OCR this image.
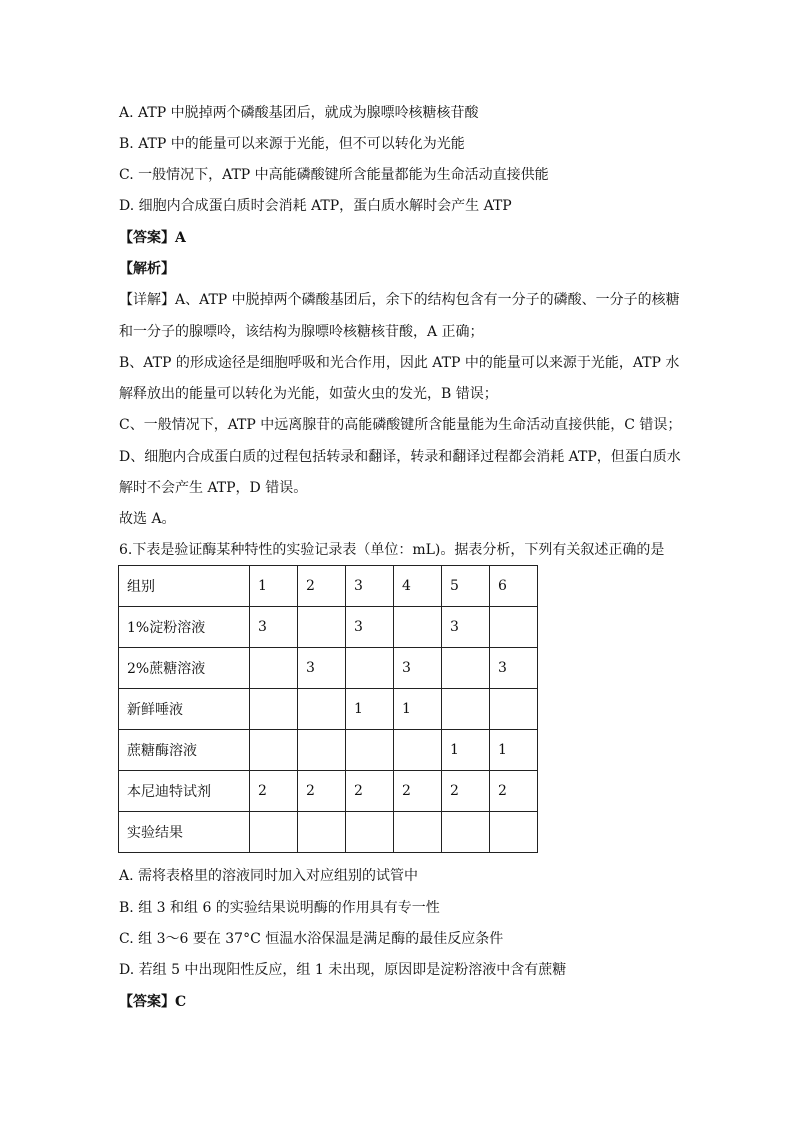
A. ATP 中脱掉两个磷酸基团后，就成为腺嘌呤核糖核苷酸
B. ATP 中的能量可以来源于光能，但不可以转化为光能
C. 一般情况下，ATP 中高能磷酸键所含能量都能为生命活动直接供能
D. 细胞内合成蛋白质时会消耗 ATP，蛋白质水解时会产生 ATP
【答案】A
【解析】
【详解】A、ATP 中脱掉两个磷酸基团后，余下的结构包含有一分子的磷酸、一分子的核糖
和一分子的腺嘌呤，该结构为腺嘌呤核糖核苷酸，A 正确；
B、ATP 的形成途径是细胞呼吸和光合作用，因此 ATP 中的能量可以来源于光能，ATP 水
解释放出的能量可以转化为光能，如萤火虫的发光，B 错误；
C、一般情况下，ATP 中远离腺苷的高能磷酸键所含能量能为生命活动直接供能，C 错误；
D、细胞内合成蛋白质的过程包括转录和翻译，转录和翻译过程都会消耗 ATP，但蛋白质水
解时不会产生 ATP，D 错误。
故选 A。
6.下表是验证酶某种特性的实验记录表（单位：mL)。据表分析，下列有关叙述正确的是
组别	1	2	3	4	5	6
1%淀粉溶液	3		3		3	
2%蔗糖溶液		3		3		3
新鲜唾液			1	1		
蔗糖酶溶液					1	1
本尼迪特试剂	2	2	2	2	2	2
实验结果						
A. 需将表格里的溶液同时加入对应组别的试管中
B. 组 3 和组 6 的实验结果说明酶的作用具有专一性
C. 组 3～6 要在 37°C 恒温水浴保温是满足酶的最佳反应条件
D. 若组 5 中出现阳性反应，组 1 未出现，原因即是淀粉溶液中含有蔗糖
【答案】C
